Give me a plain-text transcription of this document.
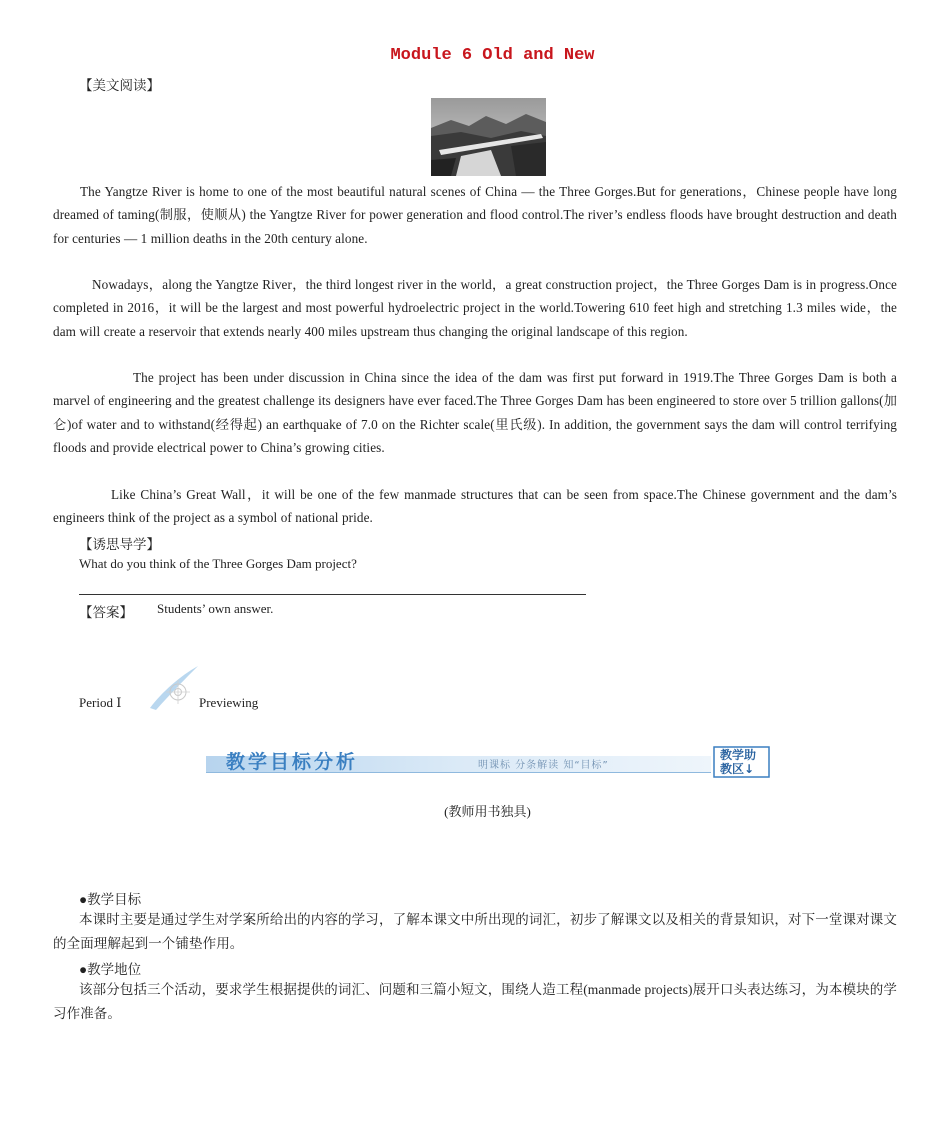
Module 6 Old and New
【美文阅读】
The Yangtze River is home to one of the most beautiful natural scenes of China — the Three Gorges.But for generations，Chinese people have long dreamed of taming(制服，使顺从) the Yangtze River for power generation and flood control.The river’s endless floods have brought destruction and death for centuries — 1 million deaths in the 20th century alone.
Nowadays，along the Yangtze River，the third longest river in the world，a great construction project，the Three Gorges Dam is in progress.Once completed in 2016，it will be the largest and most powerful hydroelectric project in the world.Towering 610 feet high and stretching 1.3 miles wide，the dam will create a reservoir that extends nearly 400 miles upstream thus changing the original landscape of this region.
The project has been under discussion in China since the idea of the dam was first put forward in 1919.The Three Gorges Dam is both a marvel of engineering and the greatest challenge its designers have ever faced.The Three Gorges Dam has been engineered to store over 5 trillion gallons(加仑)of water and to withstand(经得起) an earthquake of 7.0 on the Richter scale(里氏级). In addition, the government says the dam will control terrifying floods and provide electrical power to China’s growing cities.
Like China’s Great Wall，it will be one of the few manmade structures that can be seen from space.The Chinese government and the dam’s engineers think of the project as a symbol of national pride.
【诱思导学】
What do you think of the Three Gorges Dam project?
【答案】 Students’ own answer.
Period Ⅰ	Previewing
教学目标分析	明课标 分条解读 知“目标”
教学助
教区↓
(教师用书独具)
●教学目标
本课时主要是通过学生对学案所给出的内容的学习，了解本课文中所出现的词汇，初步了解课文以及相关的背景知识，对下一堂课对课文的全面理解起到一个铺垫作用。
●教学地位
该部分包括三个活动，要求学生根据提供的词汇、问题和三篇小短文，围绕人造工程(manmade projects)展开口头表达练习，为本模块的学习作准备。
